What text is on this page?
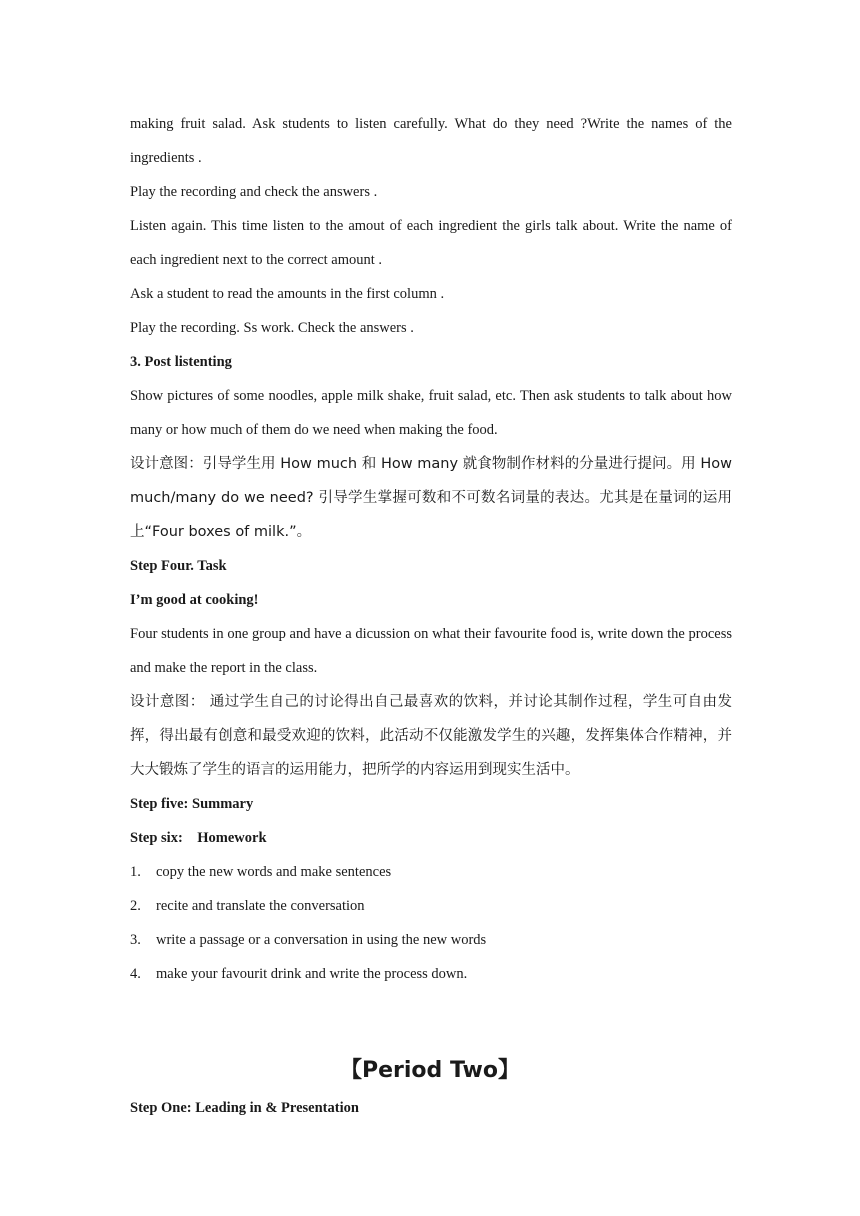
making fruit salad. Ask students to listen carefully. What do they need ?Write the names of the ingredients .
Play the recording and check the answers .
Listen again. This time listen to the amout of each ingredient the girls talk about. Write the name of each ingredient next to the correct amount .
Ask a student to read the amounts in the first column .
Play the recording. Ss work. Check the answers .
3. Post listenting
Show pictures of some noodles, apple milk shake, fruit salad, etc. Then ask students to talk about how many or how much of them do we need when making the food.
设计意图：引导学生用 How much 和 How many 就食物制作材料的分量进行提问。用 How much/many do we need? 引导学生掌握可数和不可数名词量的表达。尤其是在量词的运用上“Four boxes of milk.”。
Step Four. Task
I’m good at cooking!
Four students in one group and have a dicussion on what their favourite food is, write down the process and make the report in the class.
设计意图： 通过学生自己的讨论得出自己最喜欢的饮料，并讨论其制作过程，学生可自由发挥，得出最有创意和最受欢迎的饮料，此活动不仅能激发学生的兴趣，发挥集体合作精神，并大大锻炼了学生的语言的运用能力，把所学的内容运用到现实生活中。
Step five: Summary
Step six:    Homework
1. copy the new words and make sentences
2. recite and translate the conversation
3. write a passage or a conversation in using the new words
4. make your favourit drink and write the process down.
【Period Two】
Step One: Leading in & Presentation
